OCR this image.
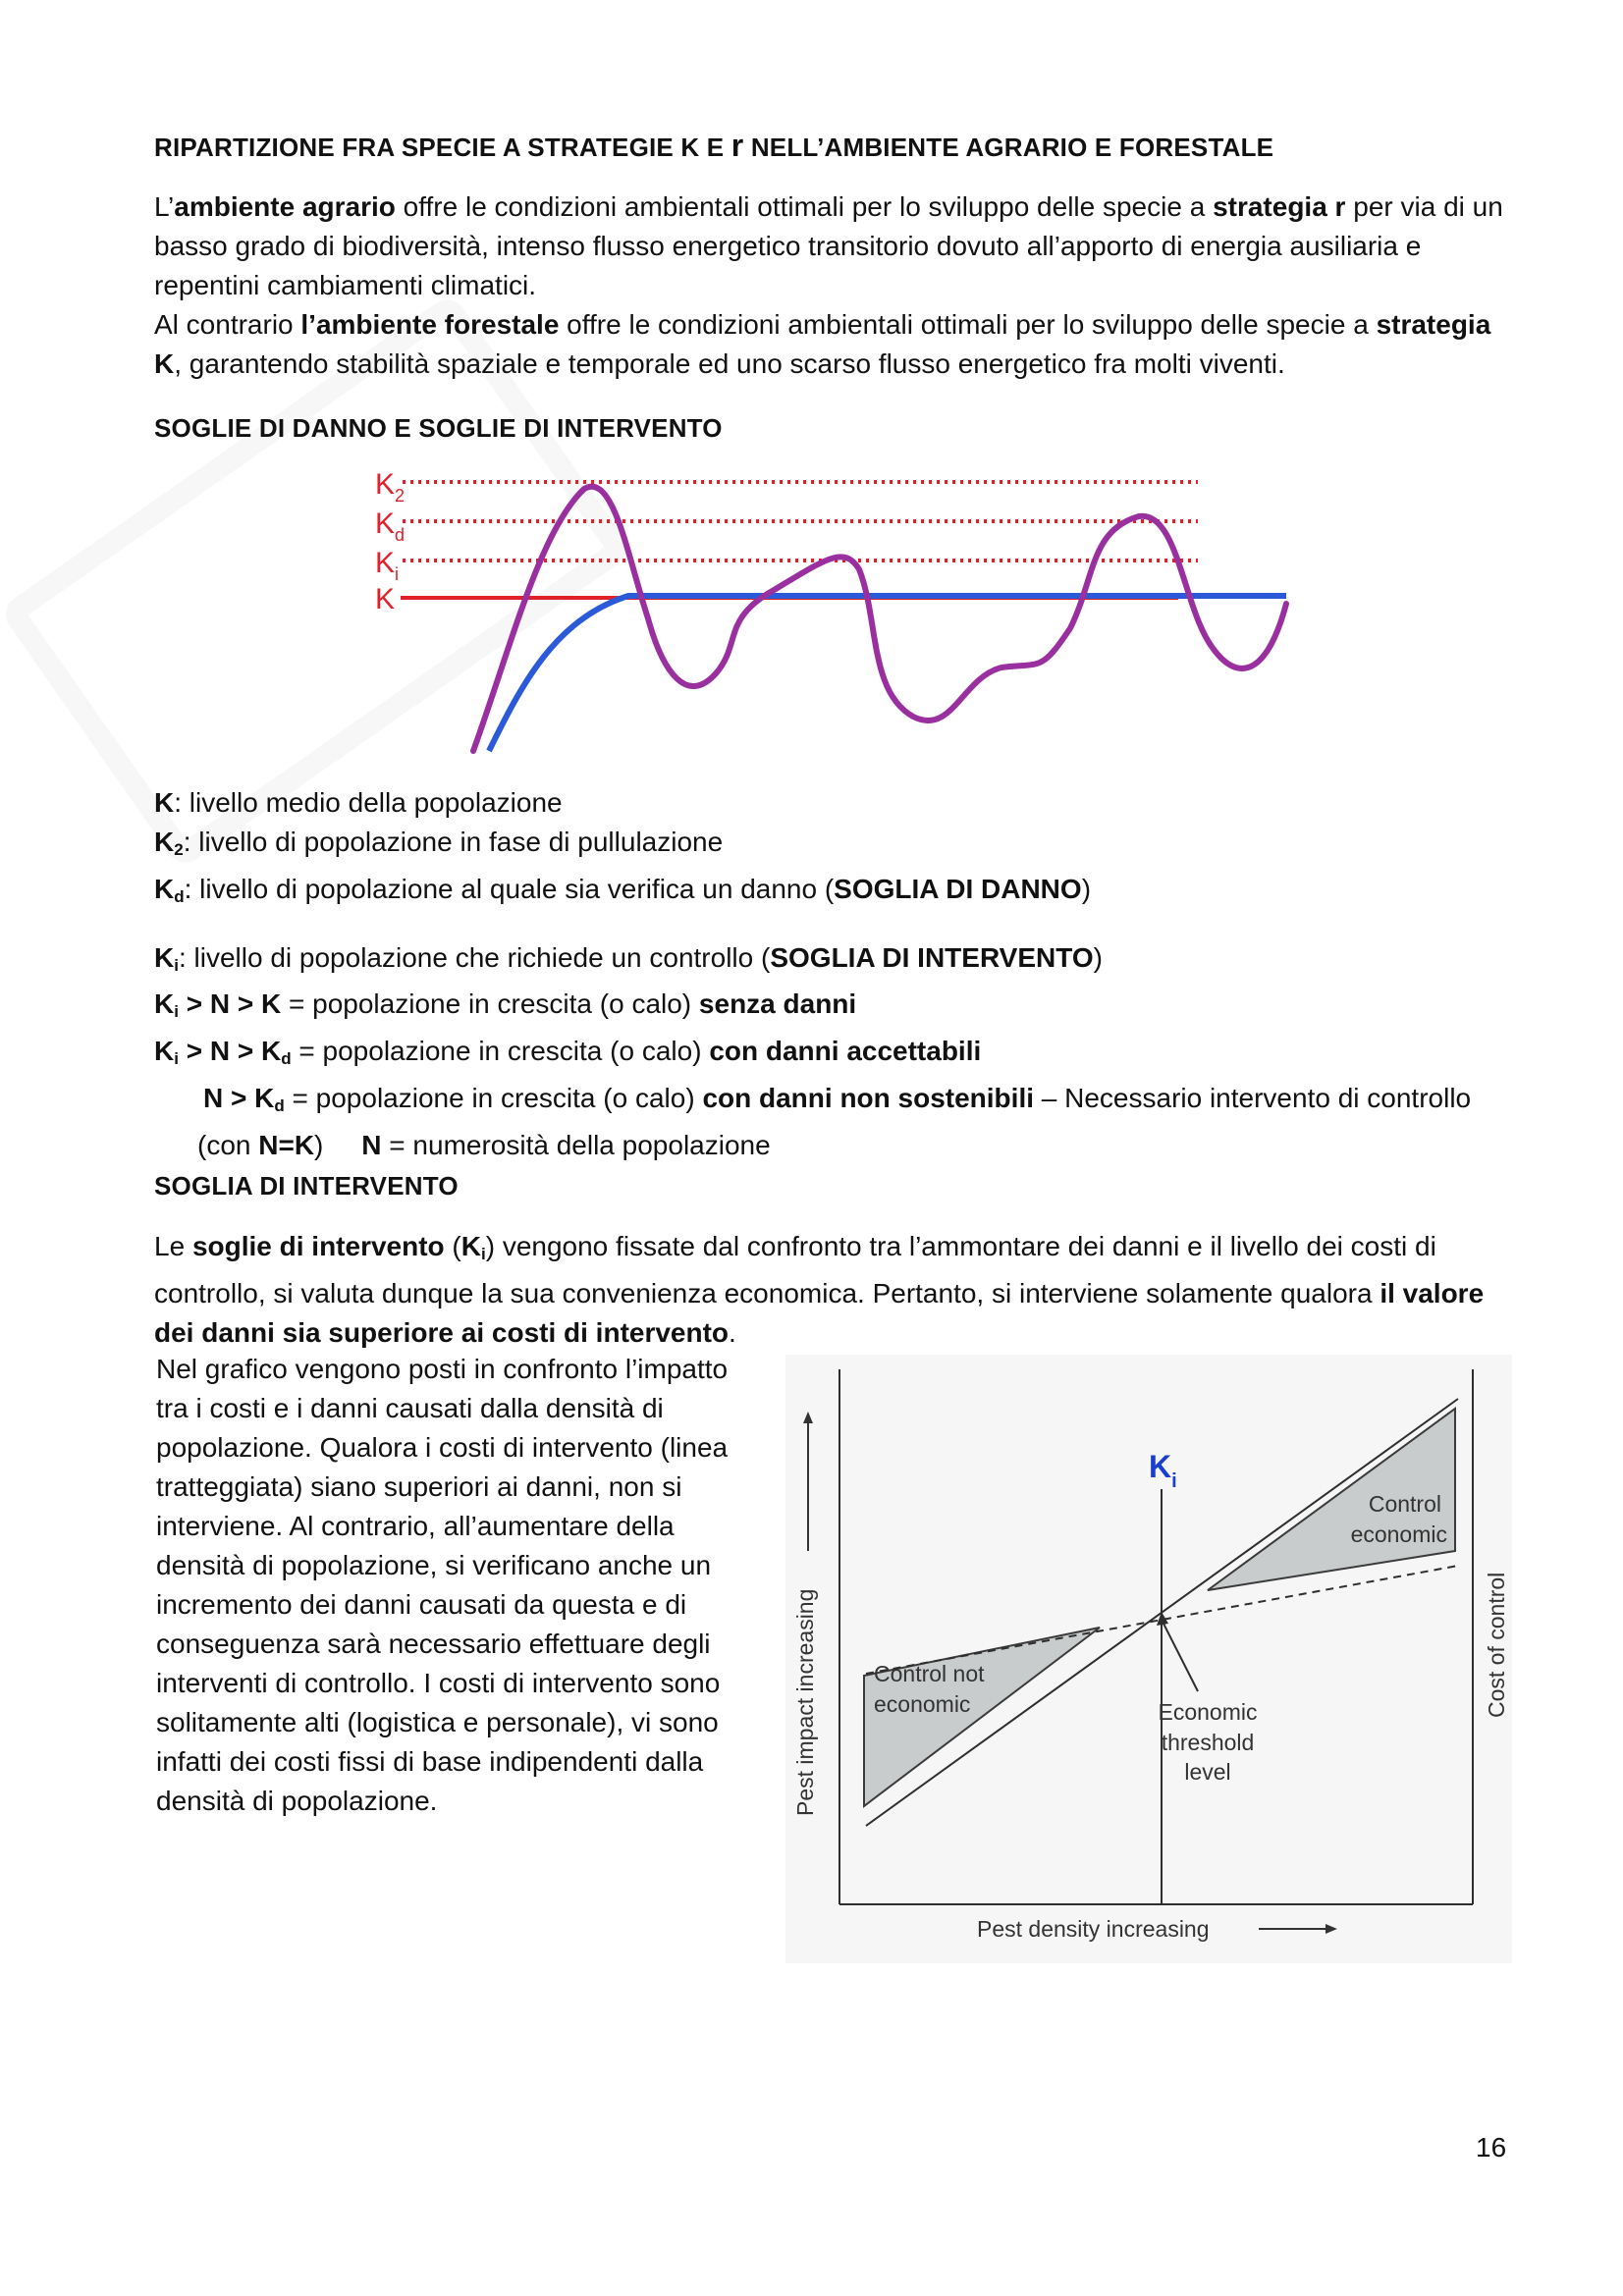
RIPARTIZIONE FRA SPECIE A STRATEGIE K E r NELL’AMBIENTE AGRARIO E FORESTALE
L’ambiente agrario offre le condizioni ambientali ottimali per lo sviluppo delle specie a strategia r per via di un basso grado di biodiversità, intenso flusso energetico transitorio dovuto all’apporto di energia ausiliaria e repentini cambiamenti climatici.
Al contrario l’ambiente forestale offre le condizioni ambientali ottimali per lo sviluppo delle specie a strategia K, garantendo stabilità spaziale e temporale ed uno scarso flusso energetico fra molti viventi.
SOGLIE DI DANNO E SOGLIE DI INTERVENTO
$K_2$
$K_d$
$K_i$
K
K: livello medio della popolazione
$K_2$: livello di popolazione in fase di pullulazione
$K_d$: livello di popolazione al quale sia verifica un danno (SOGLIA DI DANNO)
$K_i$: livello di popolazione che richiede un controllo (SOGLIA DI INTERVENTO)
$K_i > N > K$ = popolazione in crescita (o calo) senza danni
$K_i > N > K_d$ = popolazione in crescita (o calo) con danni accettabili
$N > K_d$ = popolazione in crescita (o calo) con danni non sostenibili – Necessario intervento di controllo
(con N=K)     N = numerosità della popolazione
SOGLIA DI INTERVENTO
Le soglie di intervento $(K_i)$ vengono fissate dal confronto tra l’ammontare dei danni e il livello dei costi di controllo, si valuta dunque la sua convenienza economica. Pertanto, si interviene solamente qualora il valore dei danni sia superiore ai costi di intervento.
Nel grafico vengono posti in confronto l’impatto tra i costi e i danni causati dalla densità di popolazione. Qualora i costi di intervento (linea tratteggiata) siano superiori ai danni, non si interviene. Al contrario, all’aumentare della densità di popolazione, si verificano anche un incremento dei danni causati da questa e di conseguenza sarà necessario effettuare degli interventi di controllo. I costi di intervento sono solitamente alti (logistica e personale), vi sono infatti dei costi fissi di base indipendenti dalla densità di popolazione.
$K_i$
Control
economic
Control not
economic	Economic
threshold
level
Pest impact increasing	Cost of control
Pest density increasing
16
